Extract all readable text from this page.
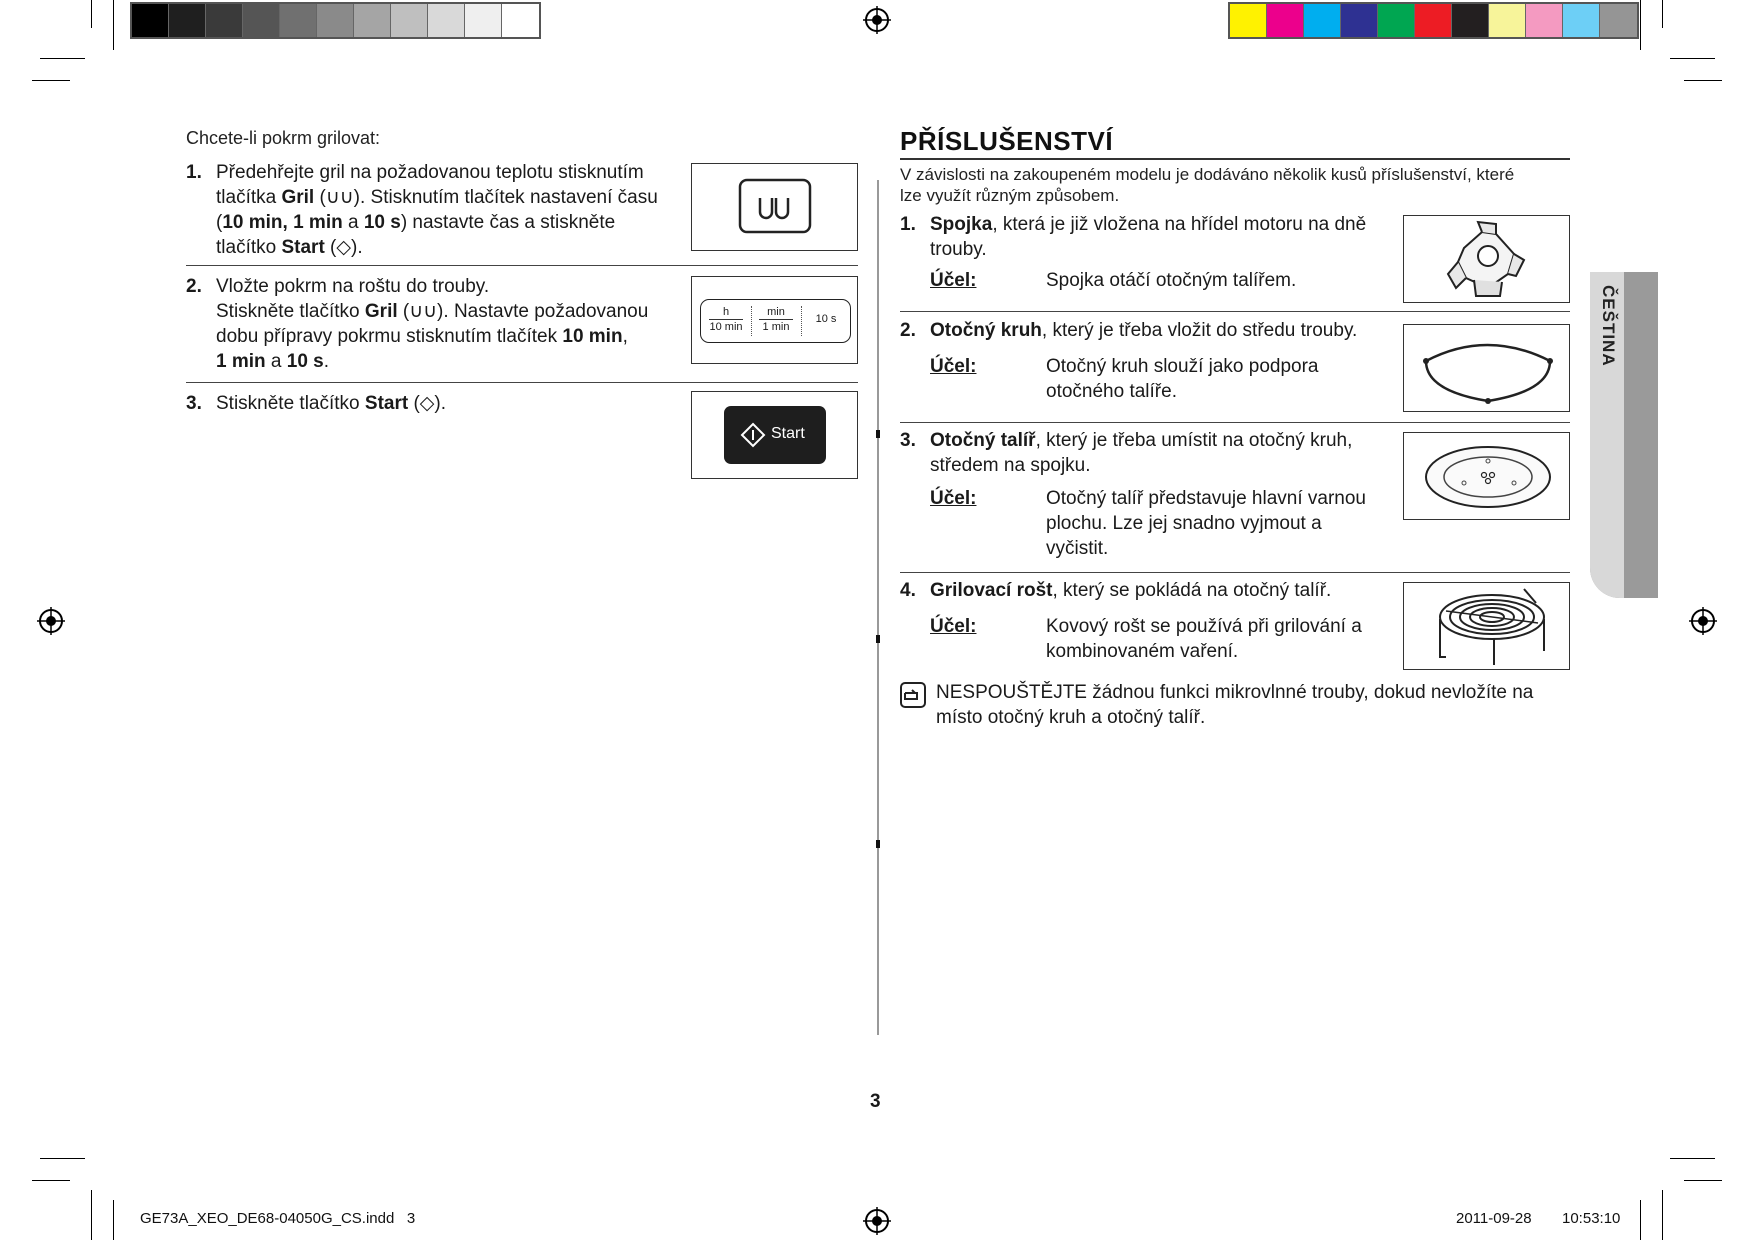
Chcete-li pokrm grilovat:
1. Předehřejte gril na požadovanou teplotu stisknutím
tlačítka Gril (∪∪). Stisknutím tlačítek nastavení času
(10 min, 1 min a 10 s) nastavte čas a stiskněte
tlačítko Start (◇).
2. Vložte pokrm na roštu do trouby.
Stiskněte tlačítko Gril (∪∪). Nastavte požadovanou
dobu přípravy pokrmu stisknutím tlačítek 10 min,
1 min a 10 s.
h
10 min
min
1 min
10 s
3. Stiskněte tlačítko Start (◇).
Start
PŘÍSLUŠENSTVÍ
V závislosti na zakoupeném modelu je dodáváno několik kusů příslušenství, které
lze využít různým způsobem.
1. Spojka, která je již vložena na hřídel motoru na dně
trouby.
Účel:	Spojka otáčí otočným talířem.
2. Otočný kruh, který je třeba vložit do středu trouby.
Účel:	Otočný kruh slouží jako podpora
otočného talíře.
3. Otočný talíř, který je třeba umístit na otočný kruh,
středem na spojku.
Účel:	Otočný talíř představuje hlavní varnou
plochu. Lze jej snadno vyjmout a
vyčistit.
4. Grilovací rošt, který se pokládá na otočný talíř.
Účel:	Kovový rošt se používá při grilování a
kombinovaném vaření.
NESPOUŠTĚJTE žádnou funkci mikrovlnné trouby, dokud nevložíte na
místo otočný kruh a otočný talíř.
ČEŠTINA
3
GE73A_XEO_DE68-04050G_CS.indd   3	2011-09-28 10:53:10
